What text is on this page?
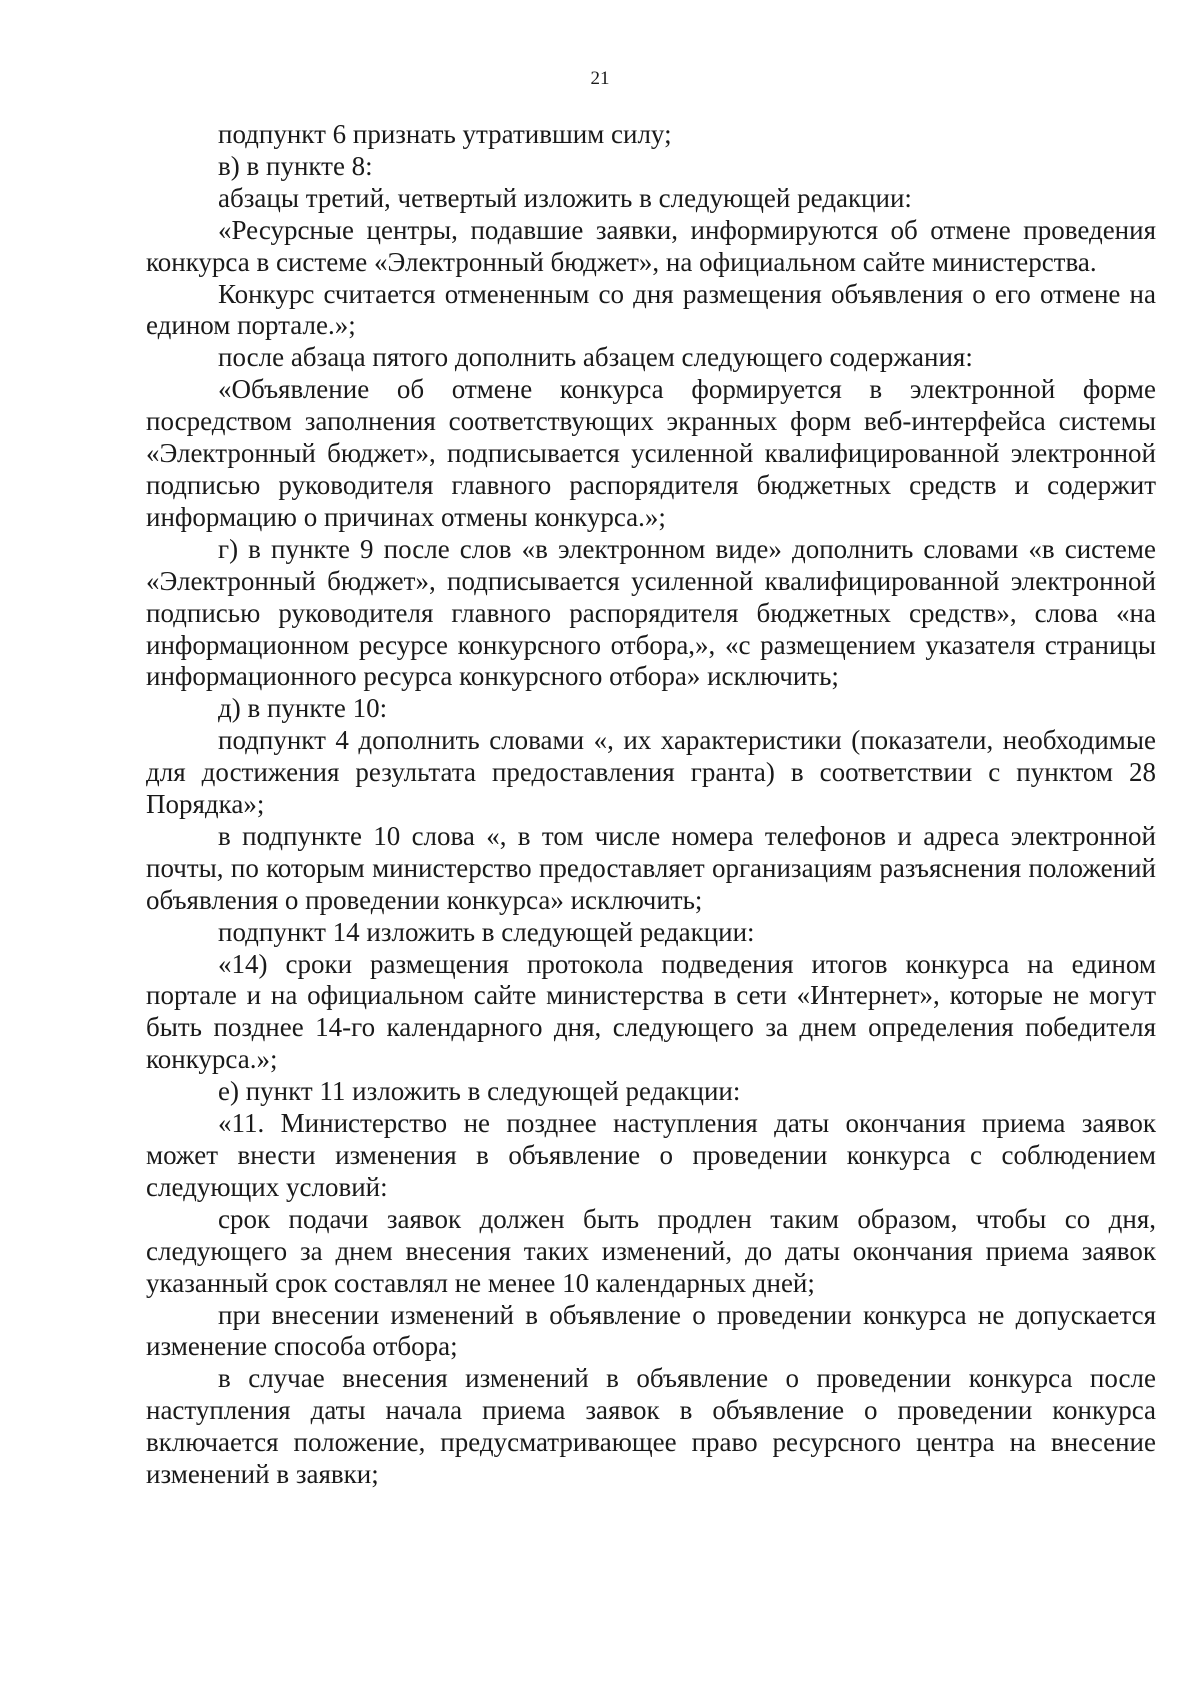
21

подпункт 6 признать утратившим силу;

в) в пункте 8:

абзацы третий, четвертый изложить в следующей редакции:

«Ресурсные центры, подавшие заявки, информируются об отмене проведения конкурса в системе «Электронный бюджет», на официальном сайте министерства.

Конкурс считается отмененным со дня размещения объявления о его отмене на едином портале.»;

после абзаца пятого дополнить абзацем следующего содержания:

«Объявление об отмене конкурса формируется в электронной форме посредством заполнения соответствующих экранных форм веб-интерфейса системы «Электронный бюджет», подписывается усиленной квалифицированной электронной подписью руководителя главного распорядителя бюджетных средств и содержит информацию о причинах отмены конкурса.»;

г) в пункте 9 после слов «в электронном виде» дополнить словами «в системе «Электронный бюджет», подписывается усиленной квалифицированной электронной подписью руководителя главного распорядителя бюджетных средств», слова «на информационном ресурсе конкурсного отбора,», «с размещением указателя страницы информационного ресурса конкурсного отбора» исключить;

д) в пункте 10:

подпункт 4 дополнить словами «, их характеристики (показатели, необходимые для достижения результата предоставления гранта) в соответствии с пунктом 28 Порядка»;

в подпункте 10 слова «, в том числе номера телефонов и адреса электронной почты, по которым министерство предоставляет организациям разъяснения положений объявления о проведении конкурса» исключить;

подпункт 14 изложить в следующей редакции:

«14) сроки размещения протокола подведения итогов конкурса на едином портале и на официальном сайте министерства в сети «Интернет», которые не могут быть позднее 14-го календарного дня, следующего за днем определения победителя конкурса.»;

е) пункт 11 изложить в следующей редакции:

«11. Министерство не позднее наступления даты окончания приема заявок может внести изменения в объявление о проведении конкурса с соблюдением следующих условий:

срок подачи заявок должен быть продлен таким образом, чтобы со дня, следующего за днем внесения таких изменений, до даты окончания приема заявок указанный срок составлял не менее 10 календарных дней;

при внесении изменений в объявление о проведении конкурса не допускается изменение способа отбора;

в случае внесения изменений в объявление о проведении конкурса после наступления даты начала приема заявок в объявление о проведении конкурса включается положение, предусматривающее право ресурсного центра на внесение изменений в заявки;
